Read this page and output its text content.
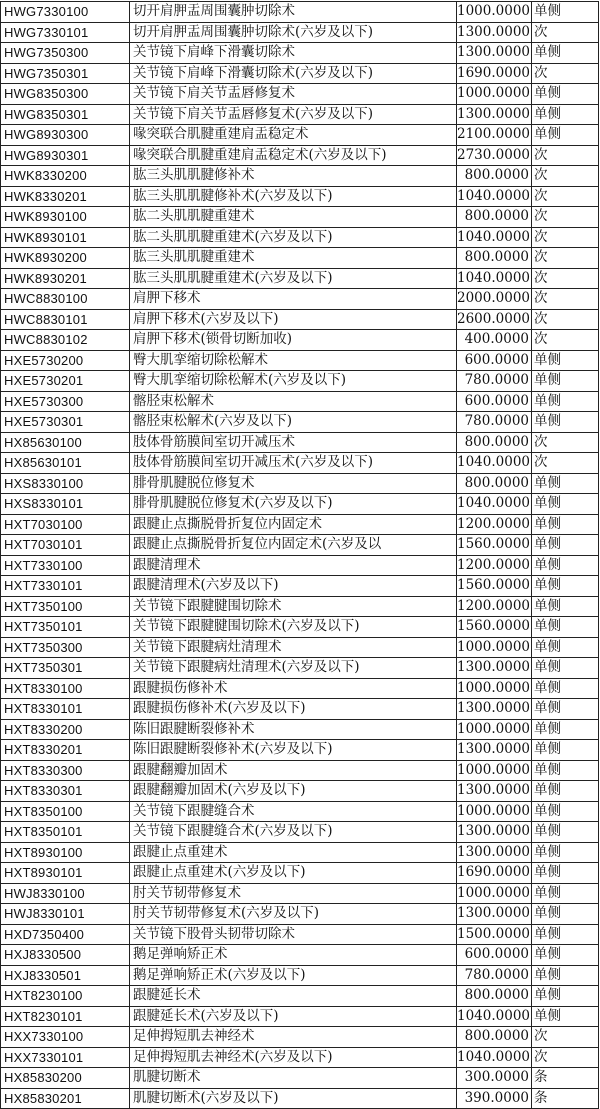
HWG7330100	切开肩胛盂周围囊肿切除术	1000.0000	单侧
HWG7330101	切开肩胛盂周围囊肿切除术(六岁及以下)	1300.0000	次
HWG7350300	关节镜下肩峰下滑囊切除术	1300.0000	单侧
HWG7350301	关节镜下肩峰下滑囊切除术(六岁及以下)	1690.0000	次
HWG8350300	关节镜下肩关节盂唇修复术	1000.0000	单侧
HWG8350301	关节镜下肩关节盂唇修复术(六岁及以下)	1300.0000	单侧
HWG8930300	喙突联合肌腱重建肩盂稳定术	2100.0000	单侧
HWG8930301	喙突联合肌腱重建肩盂稳定术(六岁及以下)	2730.0000	次
HWK8330200	肱三头肌肌腱修补术	800.0000	次
HWK8330201	肱三头肌肌腱修补术(六岁及以下)	1040.0000	次
HWK8930100	肱二头肌肌腱重建术	800.0000	次
HWK8930101	肱二头肌肌腱重建术(六岁及以下)	1040.0000	次
HWK8930200	肱三头肌肌腱重建术	800.0000	次
HWK8930201	肱三头肌肌腱重建术(六岁及以下)	1040.0000	次
HWC8830100	肩胛下移术	2000.0000	次
HWC8830101	肩胛下移术(六岁及以下)	2600.0000	次
HWC8830102	肩胛下移术(锁骨切断加收)	400.0000	次
HXE5730200	臀大肌挛缩切除松解术	600.0000	单侧
HXE5730201	臀大肌挛缩切除松解术(六岁及以下)	780.0000	单侧
HXE5730300	髂胫束松解术	600.0000	单侧
HXE5730301	髂胫束松解术(六岁及以下)	780.0000	单侧
HX85630100	肢体骨筋膜间室切开减压术	800.0000	次
HX85630101	肢体骨筋膜间室切开减压术(六岁及以下)	1040.0000	次
HXS8330100	腓骨肌腱脱位修复术	800.0000	单侧
HXS8330101	腓骨肌腱脱位修复术(六岁及以下)	1040.0000	单侧
HXT7030100	跟腱止点撕脱骨折复位内固定术	1200.0000	单侧
HXT7030101	跟腱止点撕脱骨折复位内固定术(六岁及以	1560.0000	单侧
HXT7330100	跟腱清理术	1200.0000	单侧
HXT7330101	跟腱清理术(六岁及以下)	1560.0000	单侧
HXT7350100	关节镜下跟腱腱围切除术	1200.0000	单侧
HXT7350101	关节镜下跟腱腱围切除术(六岁及以下)	1560.0000	单侧
HXT7350300	关节镜下跟腱病灶清理术	1000.0000	单侧
HXT7350301	关节镜下跟腱病灶清理术(六岁及以下)	1300.0000	单侧
HXT8330100	跟腱损伤修补术	1000.0000	单侧
HXT8330101	跟腱损伤修补术(六岁及以下)	1300.0000	单侧
HXT8330200	陈旧跟腱断裂修补术	1000.0000	单侧
HXT8330201	陈旧跟腱断裂修补术(六岁及以下)	1300.0000	单侧
HXT8330300	跟腱翻瓣加固术	1000.0000	单侧
HXT8330301	跟腱翻瓣加固术(六岁及以下)	1300.0000	单侧
HXT8350100	关节镜下跟腱缝合术	1000.0000	单侧
HXT8350101	关节镜下跟腱缝合术(六岁及以下)	1300.0000	单侧
HXT8930100	跟腱止点重建术	1300.0000	单侧
HXT8930101	跟腱止点重建术(六岁及以下)	1690.0000	单侧
HWJ8330100	肘关节韧带修复术	1000.0000	单侧
HWJ8330101	肘关节韧带修复术(六岁及以下)	1300.0000	单侧
HXD7350400	关节镜下股骨头韧带切除术	1500.0000	单侧
HXJ8330500	鹅足弹响矫正术	600.0000	单侧
HXJ8330501	鹅足弹响矫正术(六岁及以下)	780.0000	单侧
HXT8230100	跟腱延长术	800.0000	单侧
HXT8230101	跟腱延长术(六岁及以下)	1040.0000	单侧
HXX7330100	足伸拇短肌去神经术	800.0000	次
HXX7330101	足伸拇短肌去神经术(六岁及以下)	1040.0000	次
HX85830200	肌腱切断术	300.0000	条
HX85830201	肌腱切断术(六岁及以下)	390.0000	条
